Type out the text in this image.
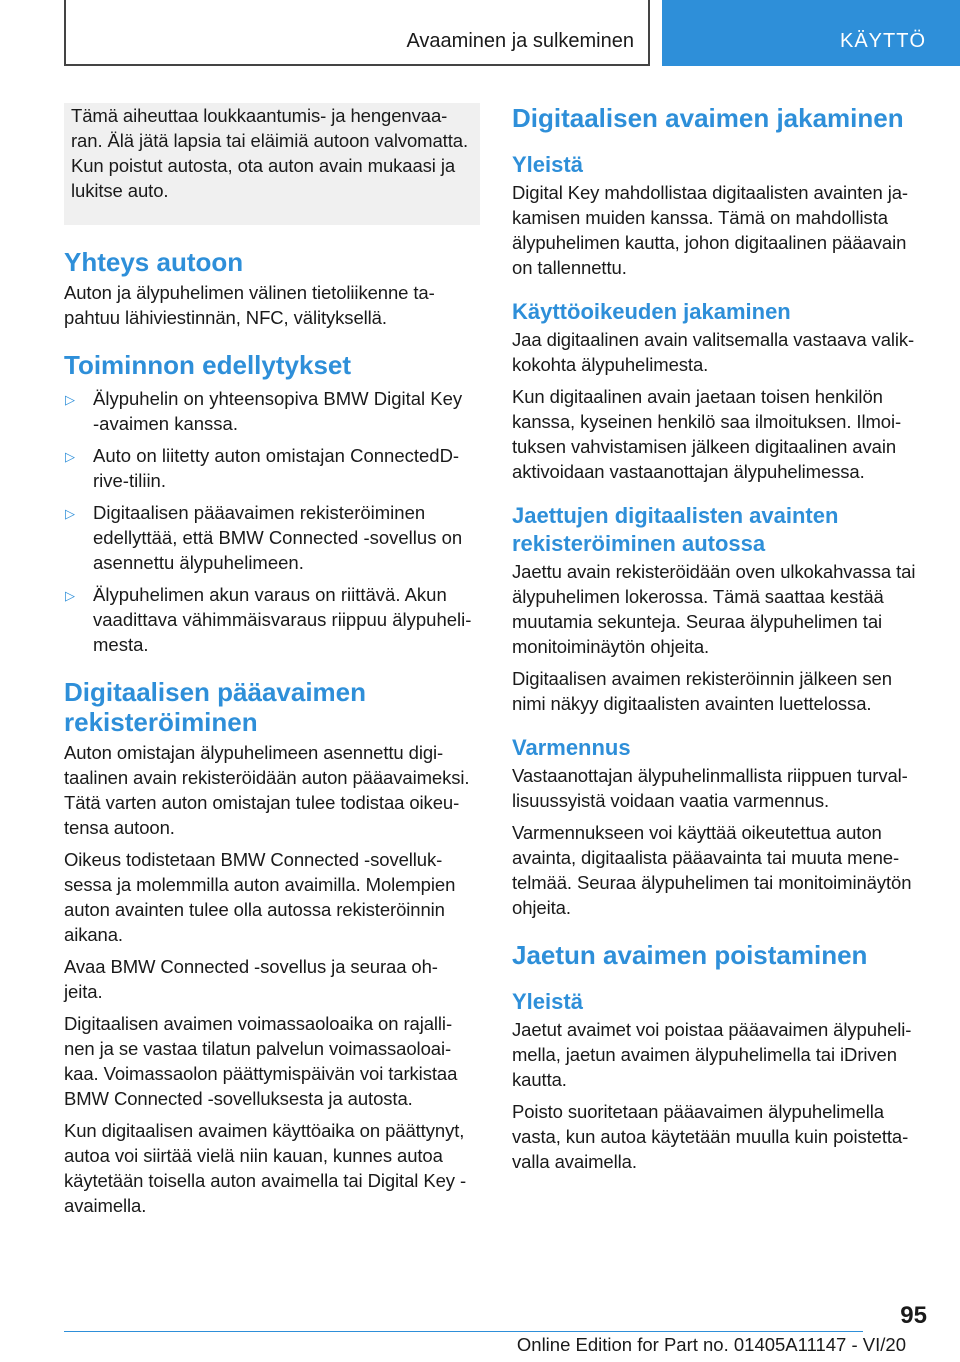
Avaaminen ja sulkeminen	KÄYTTÖ

Tämä aiheuttaa loukkaantumis- ja hengenvaa-
ran. Älä jätä lapsia tai eläimiä autoon valvomatta.
Kun poistut autosta, ota auton avain mukaasi ja
lukitse auto.

Yhteys autoon

Auton ja älypuhelimen välinen tietoliikenne ta-
pahtuu lähiviestinnän, NFC, välityksellä.

Toiminnon edellytykset
▷ Älypuhelin on yhteensopiva BMW Digital Key
-avaimen kanssa.
▷ Auto on liitetty auton omistajan ConnectedD-
rive-tiliin.
▷ Digitaalisen pääavaimen rekisteröiminen
edellyttää, että BMW Connected -sovellus on
asennettu älypuhelimeen.
▷ Älypuhelimen akun varaus on riittävä. Akun
vaadittava vähimmäisvaraus riippuu älypuheli-
mesta.
Digitaalisen pääavaimen
rekisteröiminen

Auton omistajan älypuhelimeen asennettu digi-
taalinen avain rekisteröidään auton pääavaimeksi.
Tätä varten auton omistajan tulee todistaa oikeu-
tensa autoon.

Oikeus todistetaan BMW Connected -sovelluk-
sessa ja molemmilla auton avaimilla. Molempien
auton avainten tulee olla autossa rekisteröinnin
aikana.

Avaa BMW Connected -sovellus ja seuraa oh-
jeita.

Digitaalisen avaimen voimassaoloaika on rajalli-
nen ja se vastaa tilatun palvelun voimassaoloai-
kaa. Voimassaolon päättymispäivän voi tarkistaa
BMW Connected -sovelluksesta ja autosta.

Kun digitaalisen avaimen käyttöaika on päättynyt,
autoa voi siirtää vielä niin kauan, kunnes autoa
käytetään toisella auton avaimella tai Digital Key -
avaimella.

Digitaalisen avaimen jakaminen
Yleistä

Digital Key mahdollistaa digitaalisten avainten ja-
kamisen muiden kanssa. Tämä on mahdollista
älypuhelimen kautta, johon digitaalinen pääavain
on tallennettu.

Käyttöoikeuden jakaminen

Jaa digitaalinen avain valitsemalla vastaava valik-
kokohta älypuhelimesta.

Kun digitaalinen avain jaetaan toisen henkilön
kanssa, kyseinen henkilö saa ilmoituksen. Ilmoi-
tuksen vahvistamisen jälkeen digitaalinen avain
aktivoidaan vastaanottajan älypuhelimessa.

Jaettujen digitaalisten avainten
rekisteröiminen autossa

Jaettu avain rekisteröidään oven ulkokahvassa tai
älypuhelimen lokerossa. Tämä saattaa kestää
muutamia sekunteja. Seuraa älypuhelimen tai
monitoiminäytön ohjeita.

Digitaalisen avaimen rekisteröinnin jälkeen sen
nimi näkyy digitaalisten avainten luettelossa.

Varmennus

Vastaanottajan älypuhelinmallista riippuen turval-
lisuussyistä voidaan vaatia varmennus.

Varmennukseen voi käyttää oikeutettua auton
avainta, digitaalista pääavainta tai muuta mene-
telmää. Seuraa älypuhelimen tai monitoiminäytön
ohjeita.

Jaetun avaimen poistaminen
Yleistä

Jaetut avaimet voi poistaa pääavaimen älypuheli-
mella, jaetun avaimen älypuhelimella tai iDriven
kautta.

Poisto suoritetaan pääavaimen älypuhelimella
vasta, kun autoa käytetään muulla kuin poistetta-
valla avaimella.

95
Online Edition for Part no. 01405A11147 - VI/20
